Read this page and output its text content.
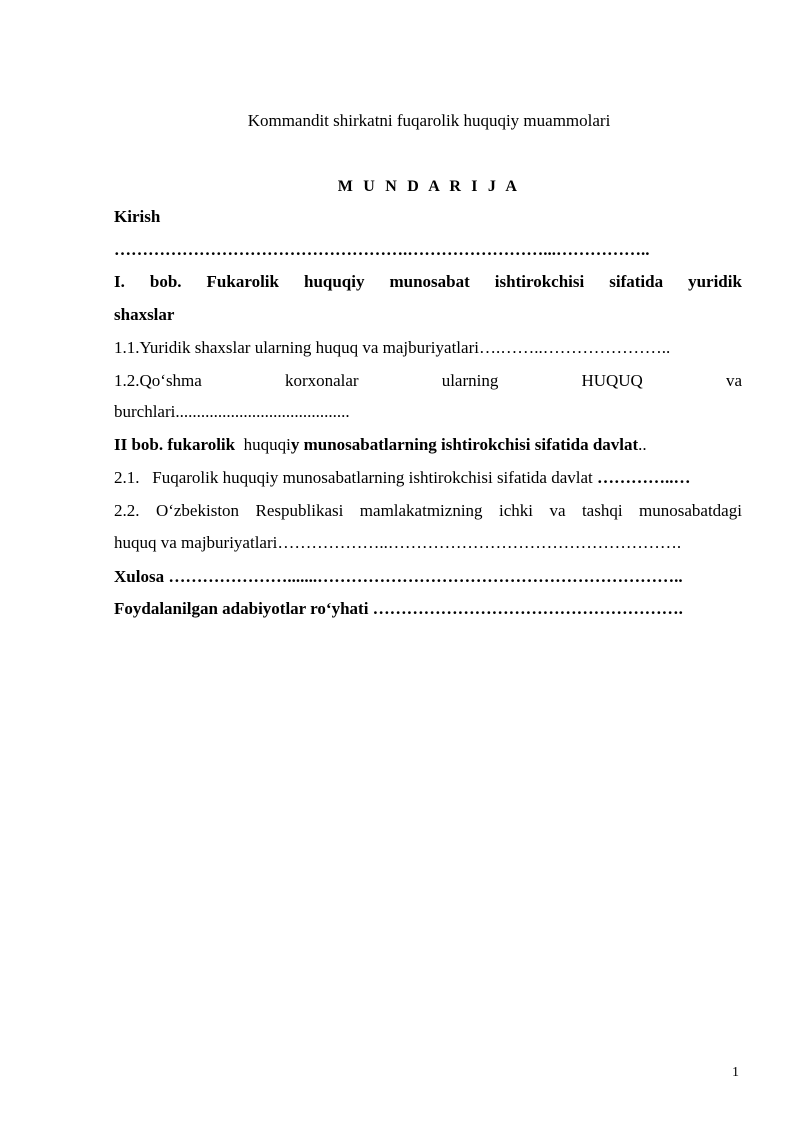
Kommandit shirkatni fuqarolik huquqiy muammolari
M U N D A R I J A
Kirish
…………………………………………….……………………...……………..
I. bob. Fukarolik huquqiy munosabat ishtirokchisi sifatida yuridik
shaxslar
1.1.Yuridik shaxslar ularning huquq va majburiyatlari….……..…………………..
1.2.Qo‘shma	korxonalar	ularning	HUQUQ	va
burchlari.........................................
II bob. fukarolik huquqiy munosabatlarning ishtirokchisi sifatida davlat..
2.1.   Fuqarolik huquqiy munosabatlarning ishtirokchisi sifatida davlat …………..…
2.2. O‘zbekiston Respublikasi mamlakatmizning ichki va tashqi munosabatdagi
huquq va majburiyatlari………………..…………………………………………….
Xulosa ………………….......………………………………………………………..
Foydalanilgan adabiyotlar ro‘yhati ……………………………………………….
1
